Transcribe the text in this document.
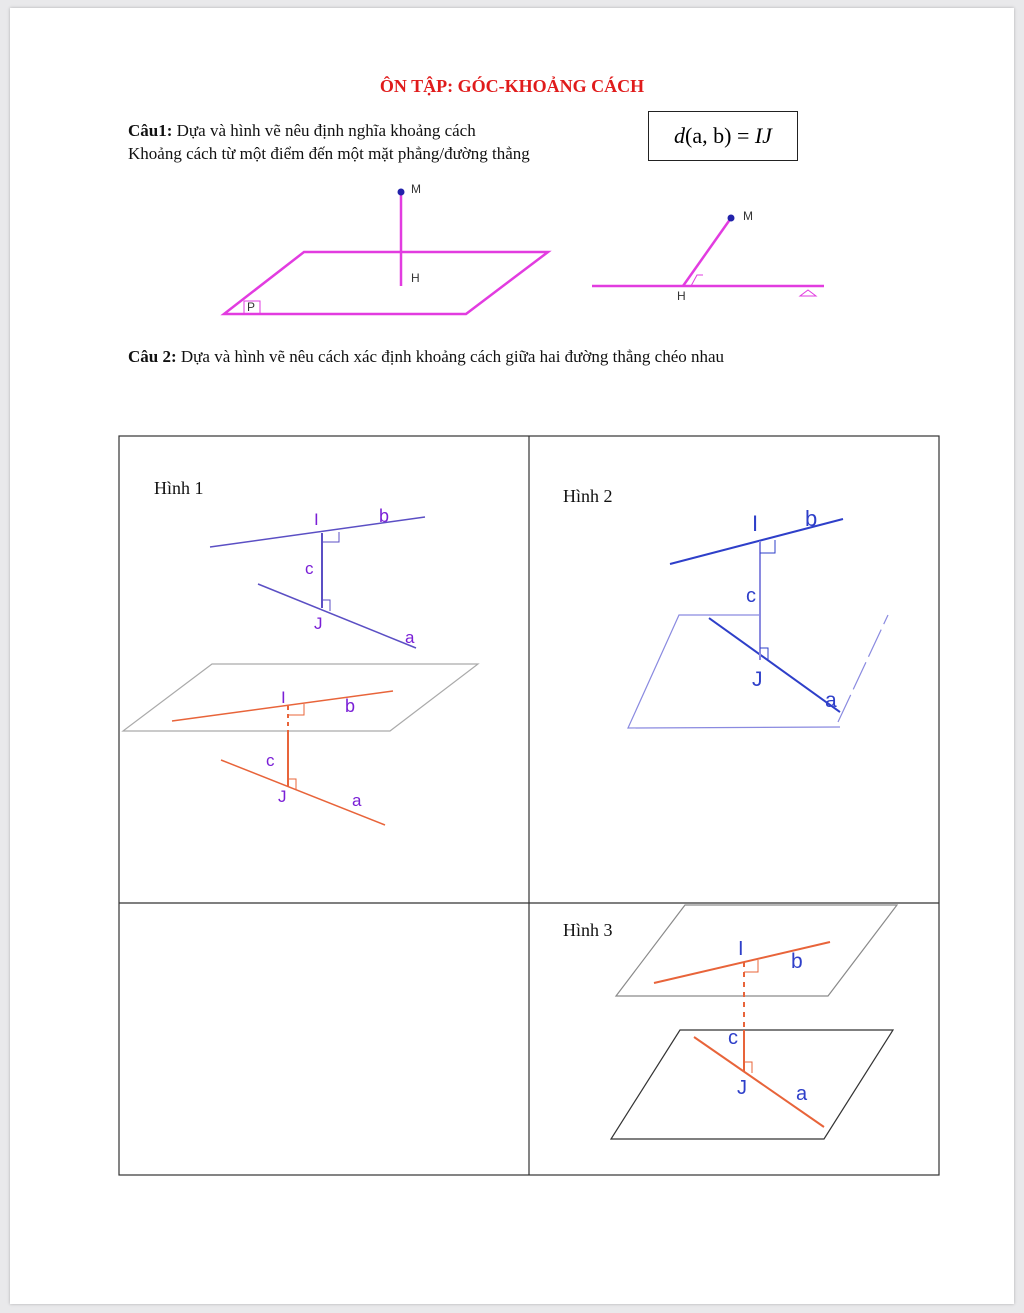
ÔN TẬP: GÓC-KHOẢNG CÁCH
Câu1: Dựa và hình vẽ nêu định nghĩa khoảng cách
Khoảng cách từ một điểm đến một mặt phẳng/đường thẳng
d (a, b) = IJ
Câu 2: Dựa và hình vẽ nêu cách xác định khoảng cách giữa hai đường thẳng chéo nhau
M
H
P
M
H
Hình 1
I	b
c
J
a
I	b
c
J	a
Hình 2
I b
c
J
a
Hình 3
I
b
c
J a
